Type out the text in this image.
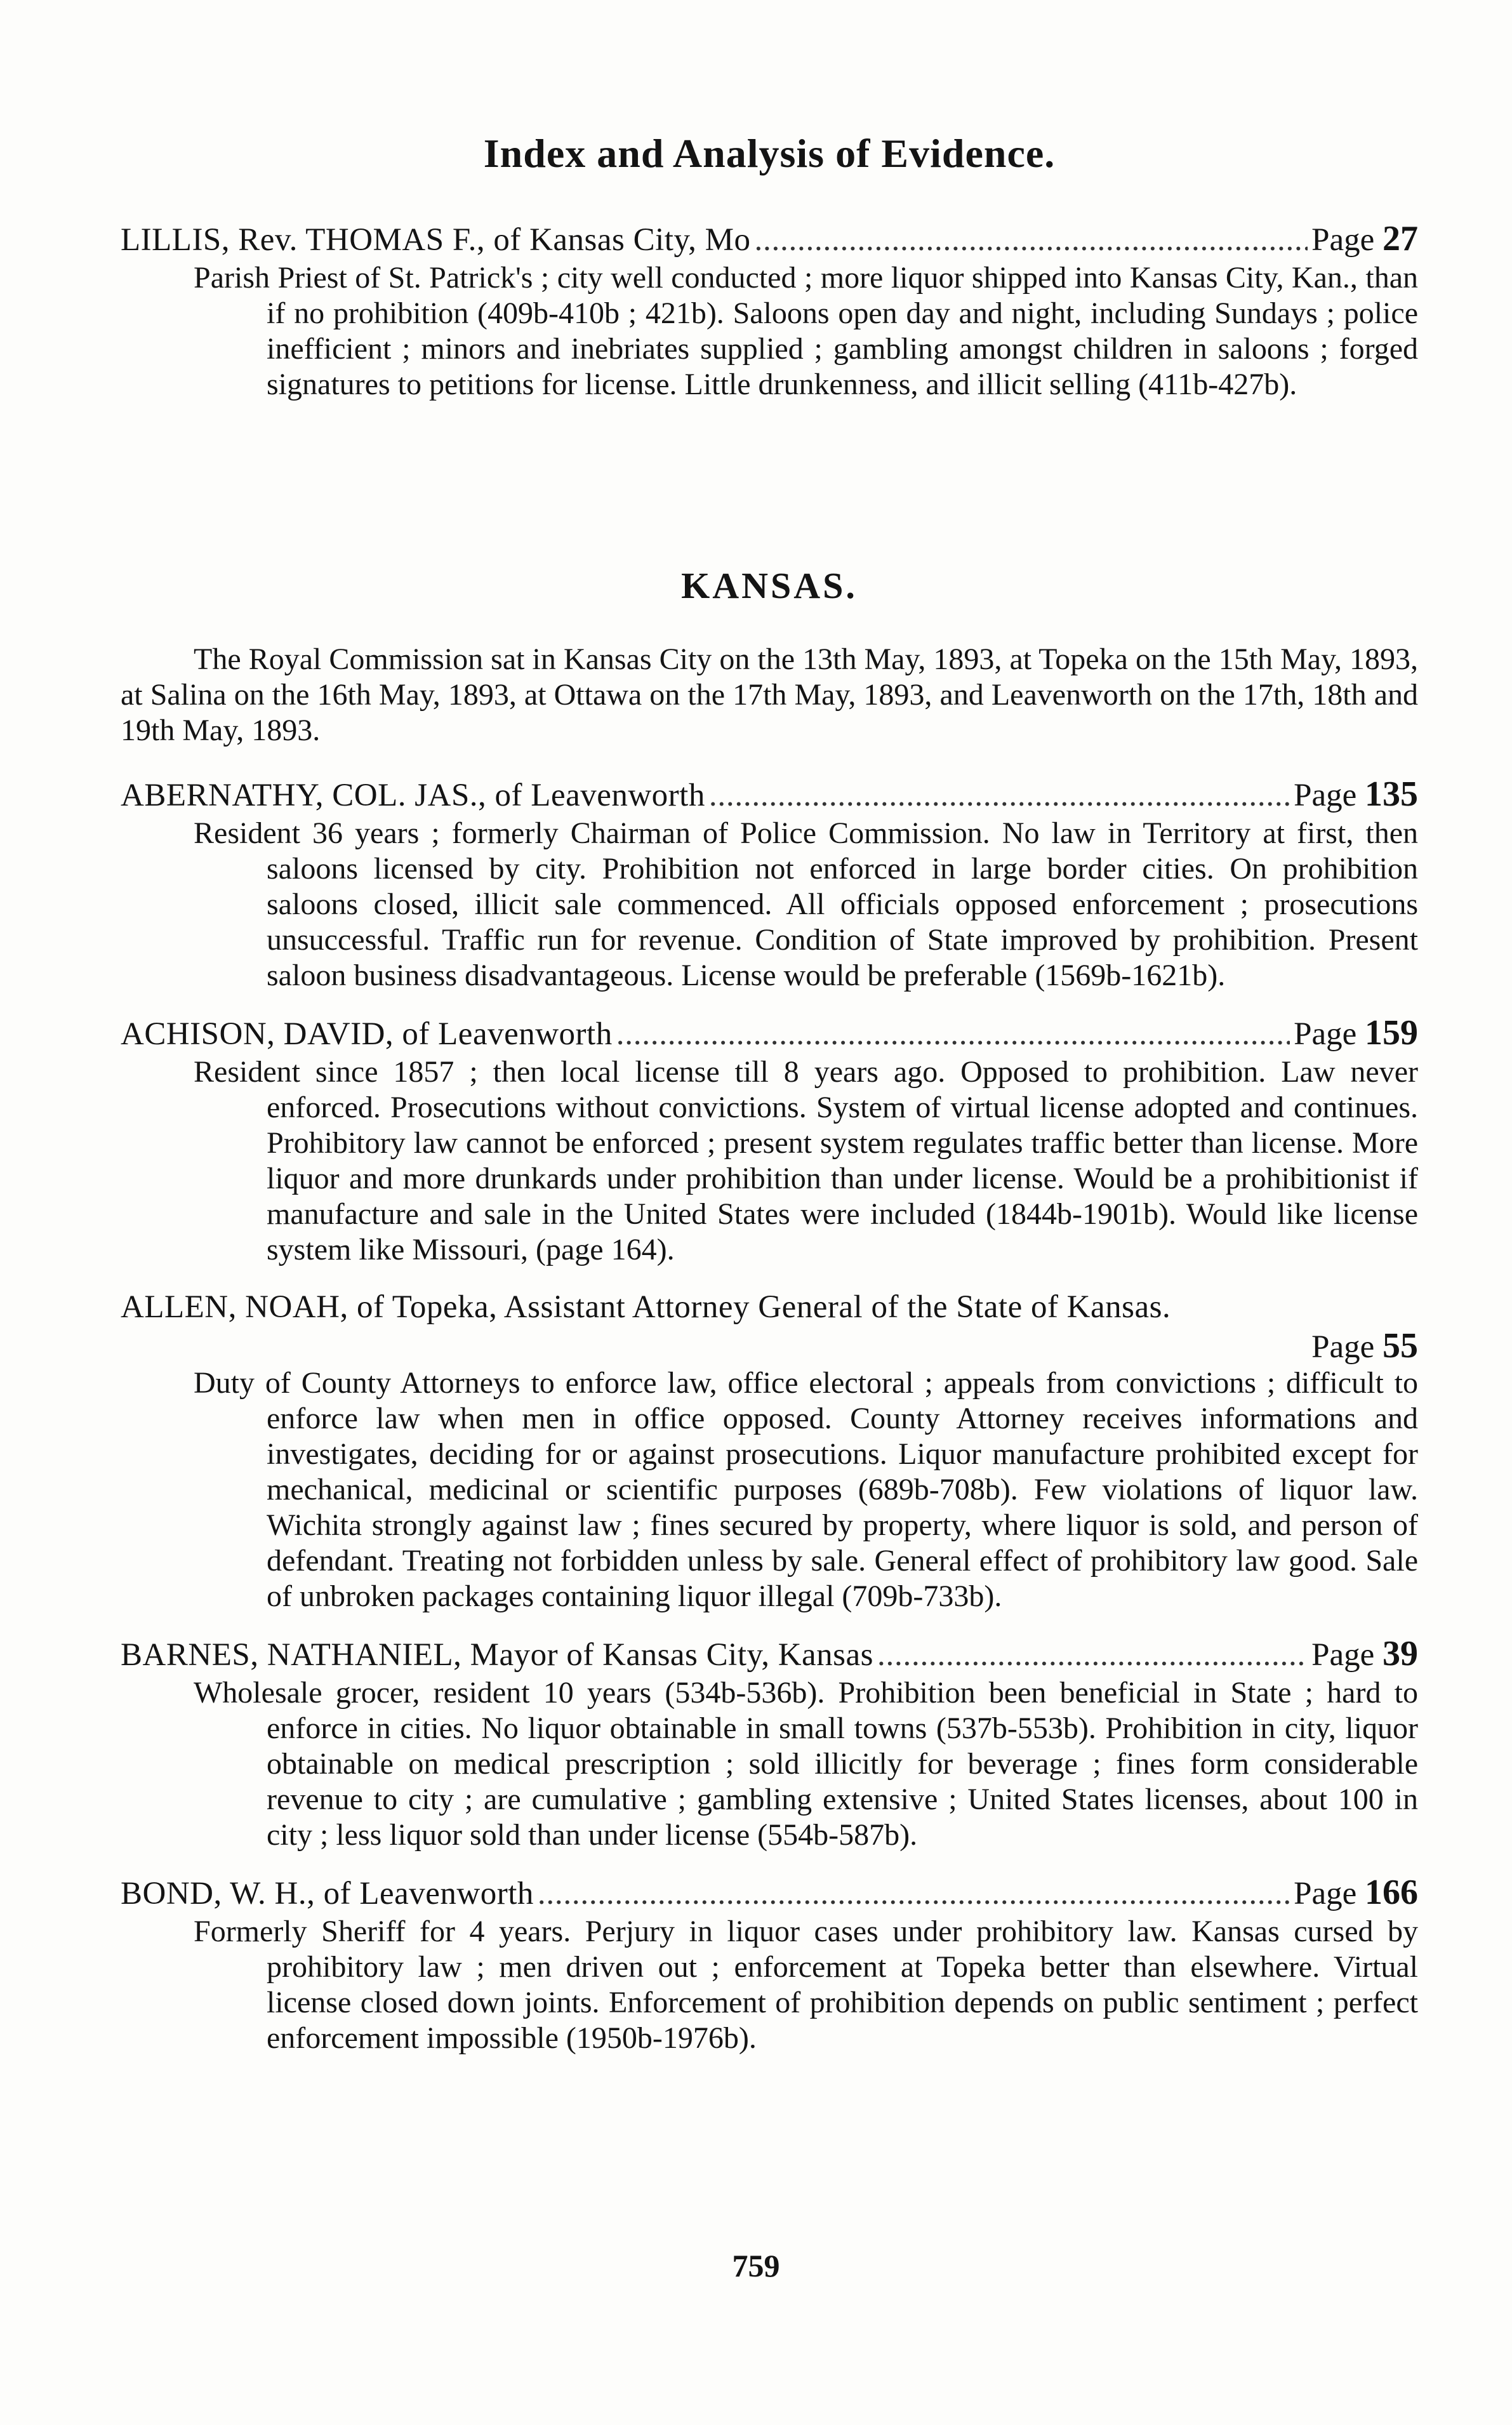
Index and Analysis of Evidence.
LILLIS, Rev. THOMAS F., of Kansas City, Mo . . .	Page 27
Parish Priest of St. Patrick's ; city well conducted ; more liquor shipped into Kansas City, Kan., than if no prohibition (409b-410b ; 421b). Saloons open day and night, including Sundays ; police inefficient ; minors and inebriates supplied ; gambling amongst children in saloons ; forged signatures to petitions for license. Little drunkenness, and illicit selling (411b-427b).
KANSAS.

The Royal Commission sat in Kansas City on the 13th May, 1893, at Topeka on the 15th May, 1893, at Salina on the 16th May, 1893, at Ottawa on the 17th May, 1893, and Leavenworth on the 17th, 18th and 19th May, 1893.

ABERNATHY, COL. JAS., of Leavenworth . . .	Page 135
Resident 36 years ; formerly Chairman of Police Commission. No law in Territory at first, then saloons licensed by city. Prohibition not enforced in large border cities. On prohibition saloons closed, illicit sale commenced. All officials opposed enforcement ; prosecutions unsuccessful. Traffic run for revenue. Condition of State improved by prohibition. Present saloon business disadvantageous. License would be preferable (1569b-1621b).
ACHISON, DAVID, of Leavenworth . . .	Page 159
Resident since 1857 ; then local license till 8 years ago. Opposed to prohibition. Law never enforced. Prosecutions without convictions. System of virtual license adopted and continues. Prohibitory law cannot be enforced ; present system regulates traffic better than license. More liquor and more drunkards under prohibition than under license. Would be a prohibitionist if manufacture and sale in the United States were included (1844b-1901b). Would like license system like Missouri, (page 164).
ALLEN, NOAH, of Topeka, Assistant Attorney General of the State of Kansas.
Page 55
Duty of County Attorneys to enforce law, office electoral ; appeals from convictions ; difficult to enforce law when men in office opposed. County Attorney receives informations and investigates, deciding for or against prosecutions. Liquor manufacture prohibited except for mechanical, medicinal or scientific purposes (689b-708b). Few violations of liquor law. Wichita strongly against law ; fines secured by property, where liquor is sold, and person of defendant. Treating not forbidden unless by sale. General effect of prohibitory law good. Sale of unbroken packages containing liquor illegal (709b-733b).
BARNES, NATHANIEL, Mayor of Kansas City, Kansas . . .	Page 39
Wholesale grocer, resident 10 years (534b-536b). Prohibition been beneficial in State ; hard to enforce in cities. No liquor obtainable in small towns (537b-553b). Prohibition in city, liquor obtainable on medical prescription ; sold illicitly for beverage ; fines form considerable revenue to city ; are cumulative ; gambling extensive ; United States licenses, about 100 in city ; less liquor sold than under license (554b-587b).
BOND, W. H., of Leavenworth . . .	Page 166
Formerly Sheriff for 4 years. Perjury in liquor cases under prohibitory law. Kansas cursed by prohibitory law ; men driven out ; enforcement at Topeka better than elsewhere. Virtual license closed down joints. Enforcement of prohibition depends on public sentiment ; perfect enforcement impossible (1950b-1976b).
759
